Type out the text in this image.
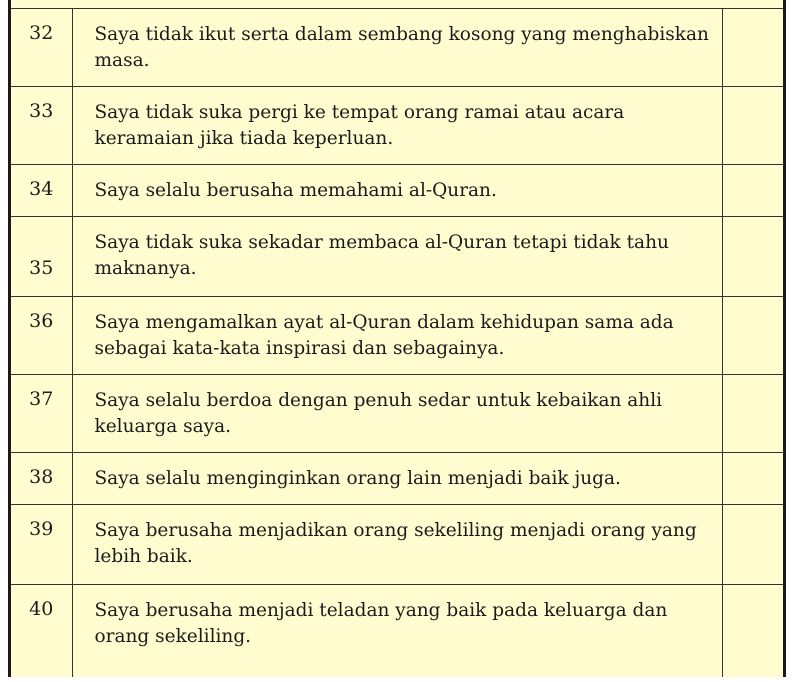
32	Saya tidak ikut serta dalam sembang kosong yang menghabiskan masa.	
33	Saya tidak suka pergi ke tempat orang ramai atau acara keramaian jika tiada keperluan.	
34	Saya selalu berusaha memahami al-Quran.	
35	Saya tidak suka sekadar membaca al-Quran tetapi tidak tahu maknanya.	
36	Saya mengamalkan ayat al-Quran dalam kehidupan sama ada sebagai kata-kata inspirasi dan sebagainya.	
37	Saya selalu berdoa dengan penuh sedar untuk kebaikan ahli keluarga saya.	
38	Saya selalu menginginkan orang lain menjadi baik juga.	
39	Saya berusaha menjadikan orang sekeliling menjadi orang yang lebih baik.	
40	Saya berusaha menjadi teladan yang baik pada keluarga dan orang sekeliling.	
